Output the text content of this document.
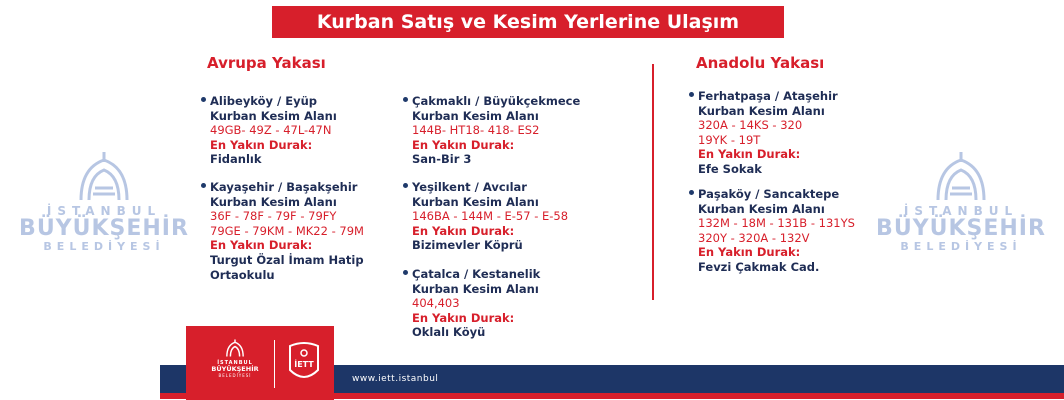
Kurban Satış ve Kesim Yerlerine Ulaşım
Avrupa Yakası	Anadolu Yakası
Alibeyköy / Eyüp
Kurban Kesim Alanı
49GB- 49Z - 47L-47N
En Yakın Durak:
Fidanlık
Kayaşehir / Başakşehir
Kurban Kesim Alanı
36F - 78F - 79F - 79FY
79GE - 79KM - MK22 - 79M
En Yakın Durak:
Turgut Özal İmam Hatip
Ortaokulu
Çakmaklı / Büyükçekmece
Kurban Kesim Alanı
144B- HT18- 418- ES2
En Yakın Durak:
San-Bir 3
Yeşilkent / Avcılar
Kurban Kesim Alanı
146BA - 144M - E-57 - E-58
En Yakın Durak:
Bizimevler Köprü
Çatalca / Kestanelik
Kurban Kesim Alanı
404,403
En Yakın Durak:
Oklalı Köyü
Ferhatpaşa / Ataşehir
Kurban Kesim Alanı
320A - 14KS - 320
19YK - 19T
En Yakın Durak:
Efe Sokak
Paşaköy / Sancaktepe
Kurban Kesim Alanı
132M - 18M - 131B - 131YS
320Y - 320A - 132V
En Yakın Durak:
Fevzi Çakmak Cad.
İSTANBUL
BÜYÜKŞEHİR
BELEDİYESİ
İSTANBUL
BÜYÜKŞEHİR
BELEDİYESİ
www.iett.istanbul
İSTANBUL
BÜYÜKŞEHİR
BELEDİYESİ
İETT
